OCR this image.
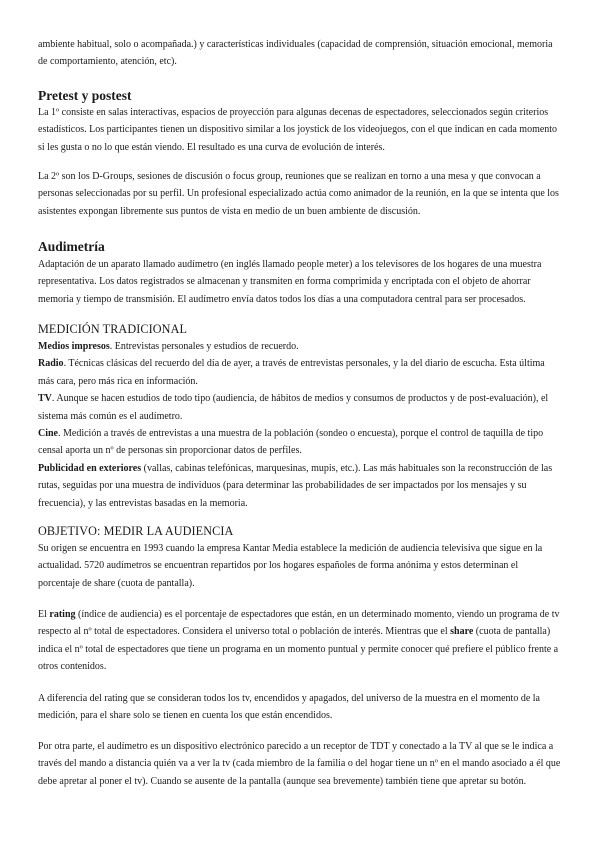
ambiente habitual, solo o acompañada.) y características individuales (capacidad de comprensión, situación emocional, memoria de comportamiento, atención, etc).

Pretest y postest

La 1º consiste en salas interactivas, espacios de proyección para algunas decenas de espectadores, seleccionados según criterios estadísticos. Los participantes tienen un dispositivo similar a los joystick de los videojuegos, con el que indican en cada momento si les gusta o no lo que están viendo. El resultado es una curva de evolución de interés.

La 2º son los D-Groups, sesiones de discusión o focus group, reuniones que se realizan en torno a una mesa y que convocan a personas seleccionadas por su perfil. Un profesional especializado actúa como animador de la reunión, en la que se intenta que los asistentes expongan libremente sus puntos de vista en medio de un buen ambiente de discusión.

Audimetría

Adaptación de un aparato llamado audímetro (en inglés llamado people meter) a los televisores de los hogares de una muestra representativa. Los datos registrados se almacenan y transmiten en forma comprimida y encriptada con el objeto de ahorrar memoria y tiempo de transmisión. El audímetro envía datos todos los días a una computadora central para ser procesados.

MEDICIÓN TRADICIONAL
Medios impresos. Entrevistas personales y estudios de recuerdo.
Radio. Técnicas clásicas del recuerdo del día de ayer, a través de entrevistas personales, y la del diario de escucha. Esta última más cara, pero más rica en información.
TV. Aunque se hacen estudios de todo tipo (audiencia, de hábitos de medios y consumos de productos y de post-evaluación), el sistema más común es el audímetro.
Cine. Medición a través de entrevistas a una muestra de la población (sondeo o encuesta), porque el control de taquilla de tipo censal aporta un nº de personas sin proporcionar datos de perfiles.
Publicidad en exteriores (vallas, cabinas telefónicas, marquesinas, mupis, etc.). Las más habituales son la reconstrucción de las rutas, seguidas por una muestra de individuos (para determinar las probabilidades de ser impactados por los mensajes y su frecuencia), y las entrevistas basadas en la memoria.
OBJETIVO: MEDIR LA AUDIENCIA

Su origen se encuentra en 1993 cuando la empresa Kantar Media establece la medición de audiencia televisiva que sigue en la actualidad. 5720 audímetros se encuentran repartidos por los hogares españoles de forma anónima y estos determinan el porcentaje de share (cuota de pantalla).

El rating (índice de audiencia) es el porcentaje de espectadores que están, en un determinado momento, viendo un programa de tv respecto al nº total de espectadores. Considera el universo total o población de interés. Mientras que el share (cuota de pantalla) indica el nº total de espectadores que tiene un programa en un momento puntual y permite conocer qué prefiere el público frente a otros contenidos.

A diferencia del rating que se consideran todos los tv, encendidos y apagados, del universo de la muestra en el momento de la medición, para el share solo se tienen en cuenta los que están encendidos.

Por otra parte, el audímetro es un dispositivo electrónico parecido a un receptor de TDT y conectado a la TV al que se le indica a través del mando a distancia quién va a ver la tv (cada miembro de la familia o del hogar tiene un nº en el mando asociado a él que debe apretar al poner el tv). Cuando se ausente de la pantalla (aunque sea brevemente) también tiene que apretar su botón.
